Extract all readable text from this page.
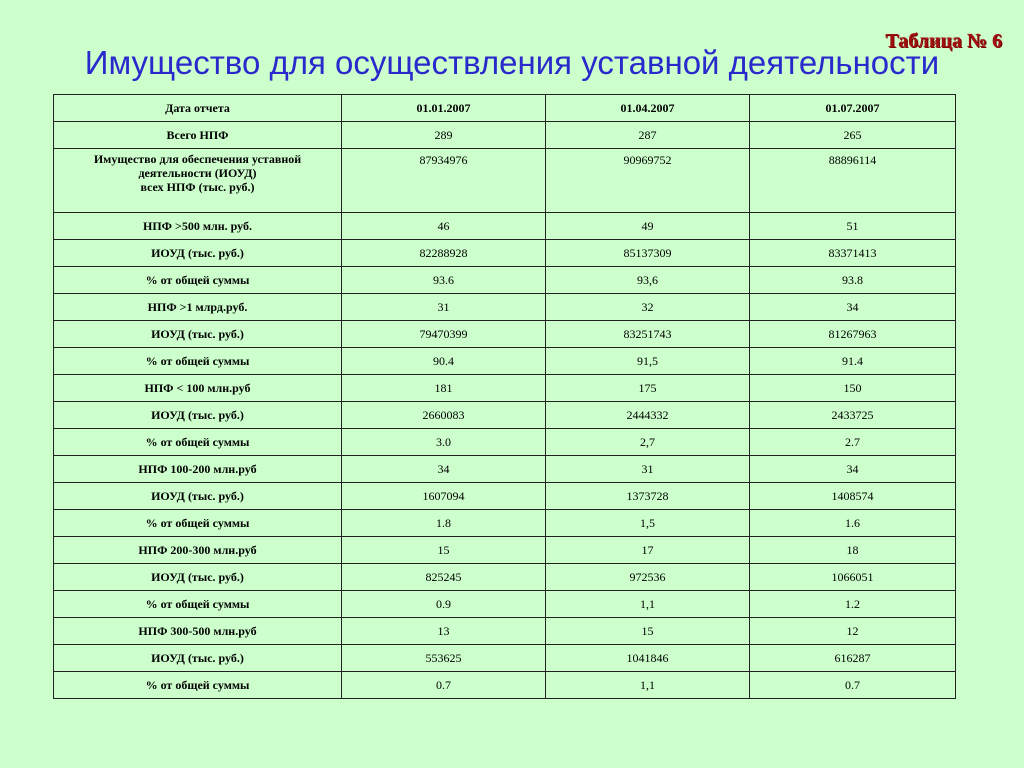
Таблица № 6
Имущество для осуществления уставной деятельности
Дата отчета	01.01.2007	01.04.2007	01.07.2007
Всего НПФ	289	287	265

Имущество для обеспечения уставной
деятельности (ИОУД)
всех НПФ (тыс. руб.)	87934976	90969752	88896114
НПФ >500 млн. руб.	46	49	51
ИОУД (тыс. руб.)	82288928	85137309	83371413
% от общей суммы	93.6	93,6	93.8
НПФ >1 млрд.руб.	31	32	34
ИОУД (тыс. руб.)	79470399	83251743	81267963
% от общей суммы	90.4	91,5	91.4
НПФ < 100 млн.руб	181	175	150
ИОУД (тыс. руб.)	2660083	2444332	2433725
% от общей суммы	3.0	2,7	2.7
НПФ 100-200 млн.руб	34	31	34
ИОУД (тыс. руб.)	1607094	1373728	1408574
% от общей суммы	1.8	1,5	1.6
НПФ 200-300 млн.руб	15	17	18
ИОУД (тыс. руб.)	825245	972536	1066051
% от общей суммы	0.9	1,1	1.2
НПФ 300-500 млн.руб	13	15	12
ИОУД (тыс. руб.)	553625	1041846	616287
% от общей суммы	0.7	1,1	0.7
